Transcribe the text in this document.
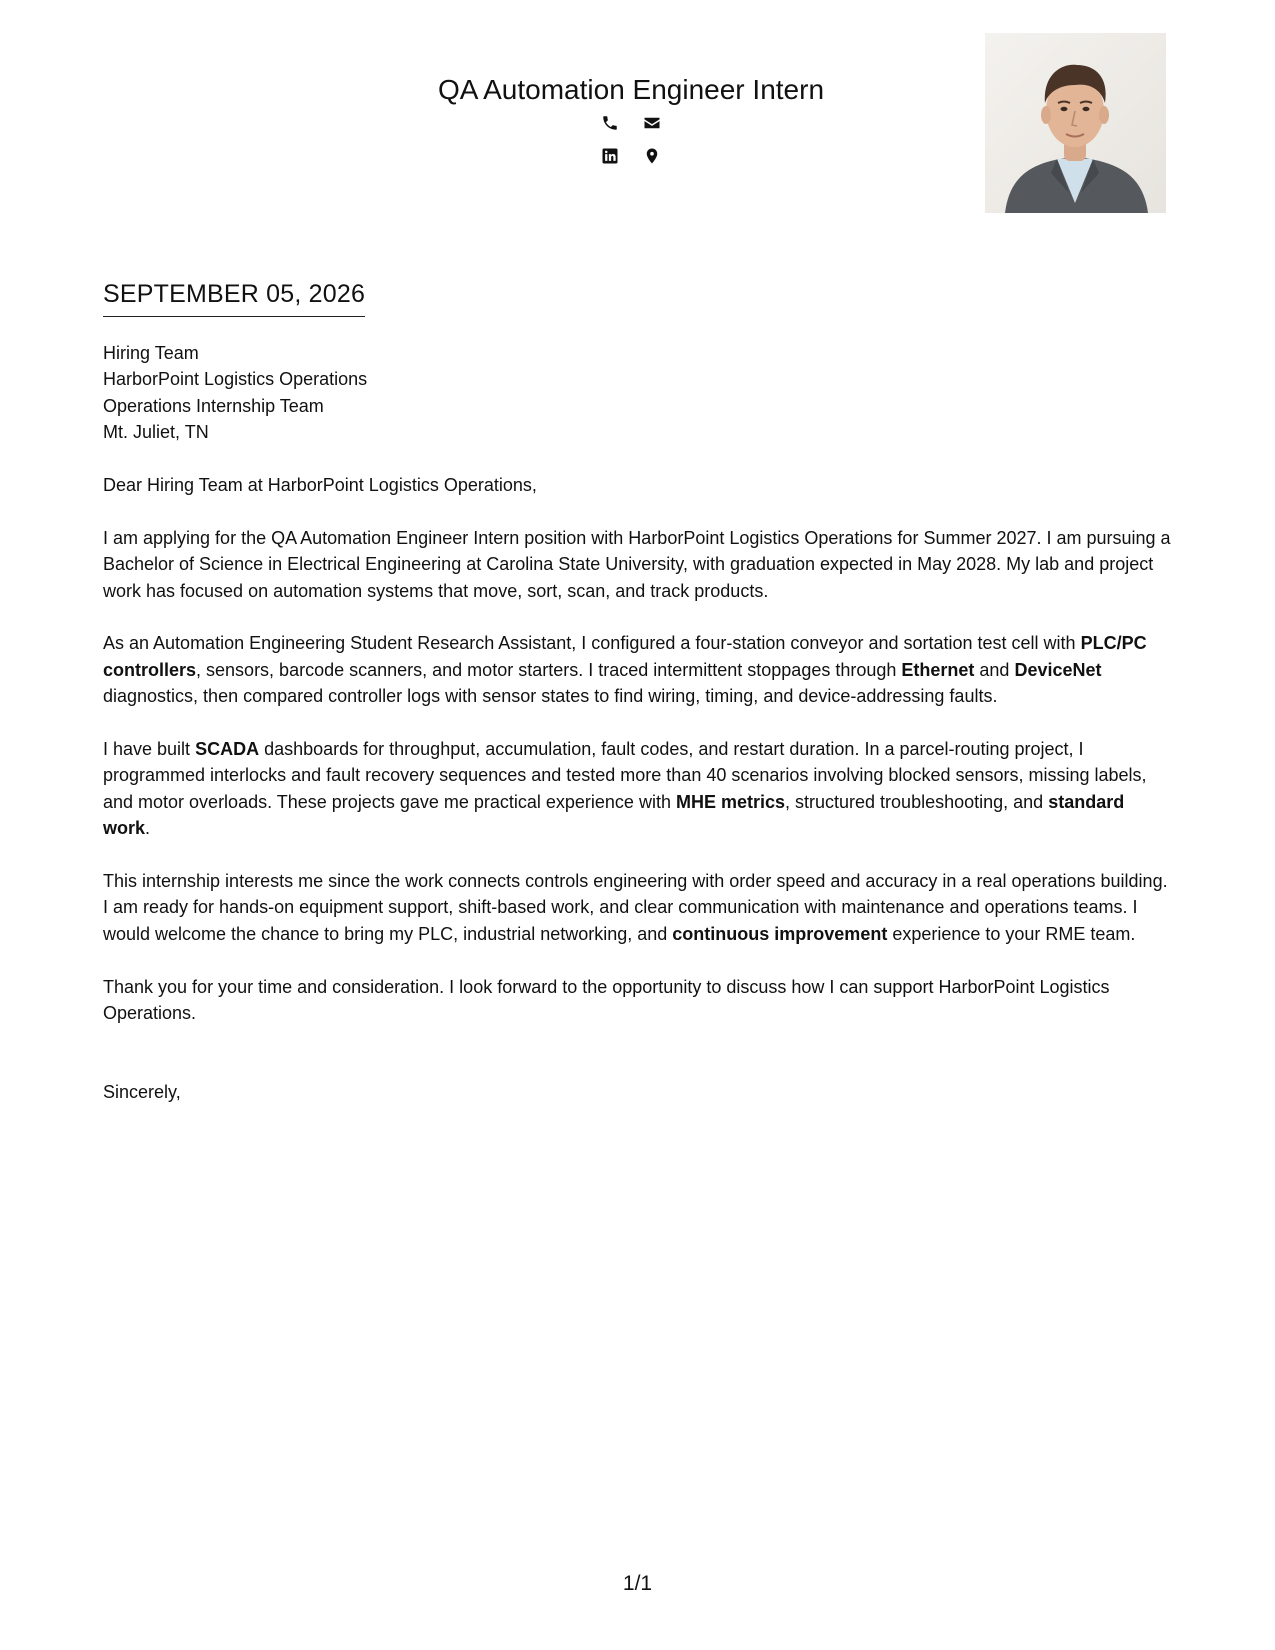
QA Automation Engineer Intern
SEPTEMBER 05, 2026
Hiring Team
HarborPoint Logistics Operations
Operations Internship Team
Mt. Juliet, TN

Dear Hiring Team at HarborPoint Logistics Operations,

I am applying for the QA Automation Engineer Intern position with HarborPoint Logistics Operations for Summer 2027. I am pursuing a Bachelor of Science in Electrical Engineering at Carolina State University, with graduation expected in May 2028. My lab and project work has focused on automation systems that move, sort, scan, and track products.

As an Automation Engineering Student Research Assistant, I configured a four-station conveyor and sortation test cell with PLC/PC controllers, sensors, barcode scanners, and motor starters. I traced intermittent stoppages through Ethernet and DeviceNet diagnostics, then compared controller logs with sensor states to find wiring, timing, and device-addressing faults.

I have built SCADA dashboards for throughput, accumulation, fault codes, and restart duration. In a parcel-routing project, I programmed interlocks and fault recovery sequences and tested more than 40 scenarios involving blocked sensors, missing labels, and motor overloads. These projects gave me practical experience with MHE metrics, structured troubleshooting, and standard work.

This internship interests me since the work connects controls engineering with order speed and accuracy in a real operations building. I am ready for hands-on equipment support, shift-based work, and clear communication with maintenance and operations teams. I would welcome the chance to bring my PLC, industrial networking, and continuous improvement experience to your RME team.

Thank you for your time and consideration. I look forward to the opportunity to discuss how I can support HarborPoint Logistics Operations.

Sincerely,

1/1
